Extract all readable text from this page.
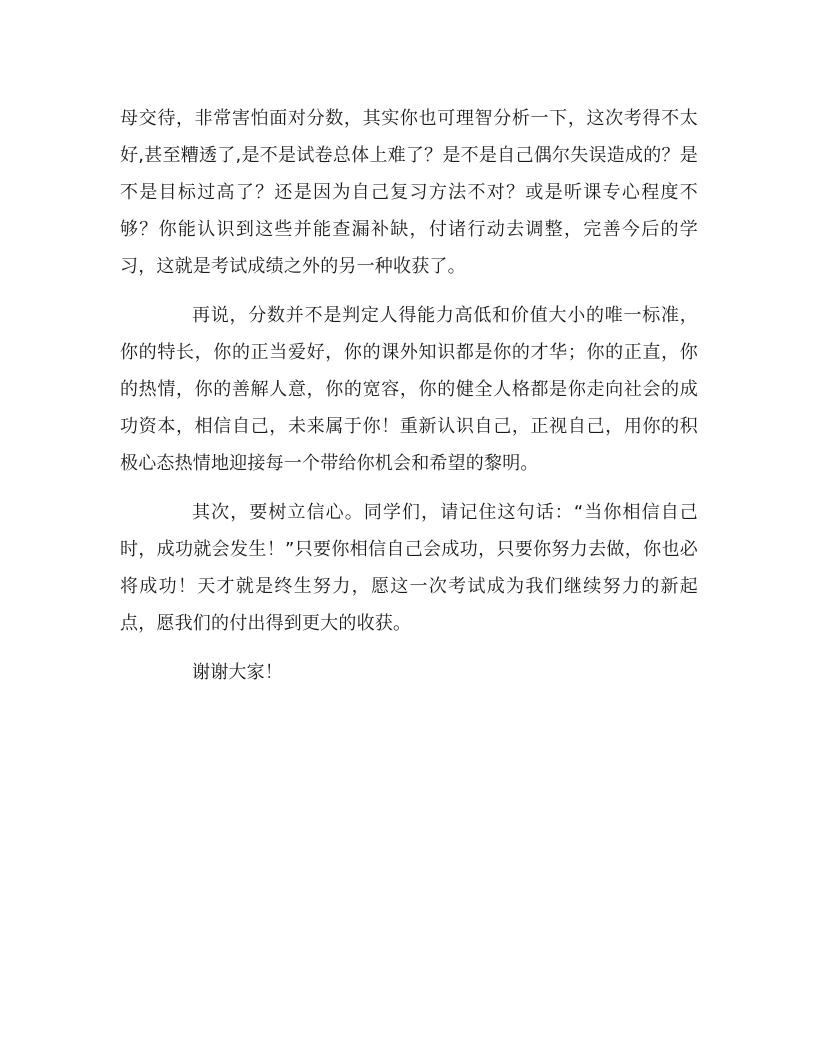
母交待，非常害怕面对分数，其实你也可理智分析一下，这次考得不太好,甚至糟透了,是不是试卷总体上难了？是不是自己偶尔失误造成的？是不是目标过高了？还是因为自己复习方法不对？或是听课专心程度不够？你能认识到这些并能查漏补缺，付诸行动去调整，完善今后的学习，这就是考试成绩之外的另一种收获了。

再说，分数并不是判定人得能力高低和价值大小的唯一标准，你的特长，你的正当爱好，你的课外知识都是你的才华；你的正直，你的热情，你的善解人意，你的宽容，你的健全人格都是你走向社会的成功资本，相信自己，未来属于你！重新认识自己，正视自己，用你的积极心态热情地迎接每一个带给你机会和希望的黎明。

其次，要树立信心。同学们，请记住这句话：“当你相信自己时，成功就会发生！”只要你相信自己会成功，只要你努力去做，你也必将成功！天才就是终生努力，愿这一次考试成为我们继续努力的新起点，愿我们的付出得到更大的收获。

谢谢大家！
